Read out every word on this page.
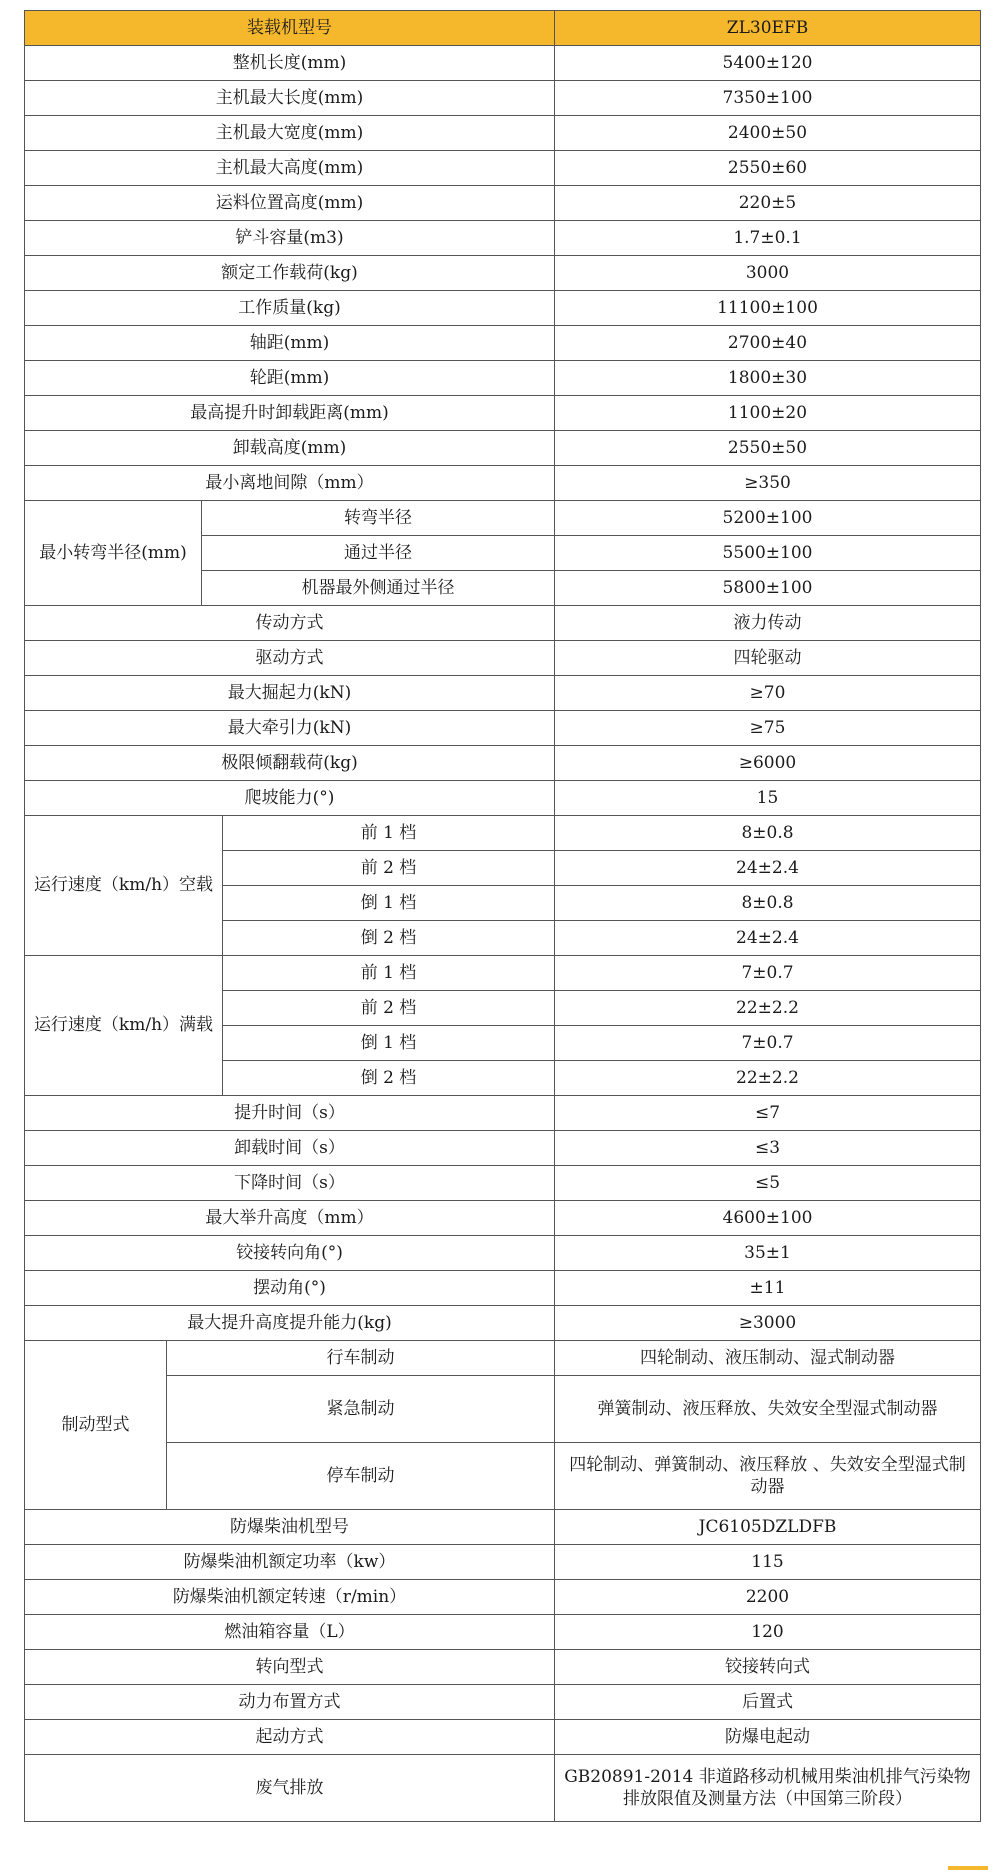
装载机型号				ZL30EFB
整机长度(mm)				5400±120
主机最大长度(mm)				7350±100
主机最大宽度(mm)				2400±50
主机最大高度(mm)				2550±60
运料位置高度(mm)				220±5
铲斗容量(m3)				1.7±0.1
额定工作载荷(kg)				3000
工作质量(kg)				11100±100
轴距(mm)				2700±40
轮距(mm)				1800±30
最高提升时卸载距离(mm)				1100±20
卸载高度(mm)				2550±50
最小离地间隙（mm）				≥350
最小转弯半径(mm)		转弯半径		5200±100
		通过半径		5500±100
		机器最外侧通过半径		5800±100
传动方式				液力传动
驱动方式				四轮驱动
最大掘起力(kN)				≥70
最大牵引力(kN)				≥75
极限倾翻载荷(kg)				≥6000
爬坡能力(°)				15
运行速度（km/h）空载			前 1 档	8±0.8
			前 2 档	24±2.4
			倒 1 档	8±0.8
			倒 2 档	24±2.4
运行速度（km/h）满载			前 1 档	7±0.7
			前 2 档	22±2.2
			倒 1 档	7±0.7
			倒 2 档	22±2.2
提升时间（s）				≤7
卸载时间（s）				≤3
下降时间（s）				≤5
最大举升高度（mm）				4600±100
铰接转向角(°)				35±1
摆动角(°)				±11
最大提升高度提升能力(kg)				≥3000
制动型式	行车制动			四轮制动、液压制动、湿式制动器
	紧急制动			弹簧制动、液压释放、失效安全型湿式制动器
	停车制动			四轮制动、弹簧制动、液压释放 、失效安全型湿式制动器
防爆柴油机型号				JC6105DZLDFB
防爆柴油机额定功率（kw）				115
防爆柴油机额定转速（r/min）				2200
燃油箱容量（L）				120
转向型式				铰接转向式
动力布置方式				后置式
起动方式				防爆电起动
废气排放				GB20891-2014 非道路移动机械用柴油机排气污染物排放限值及测量方法（中国第三阶段）
